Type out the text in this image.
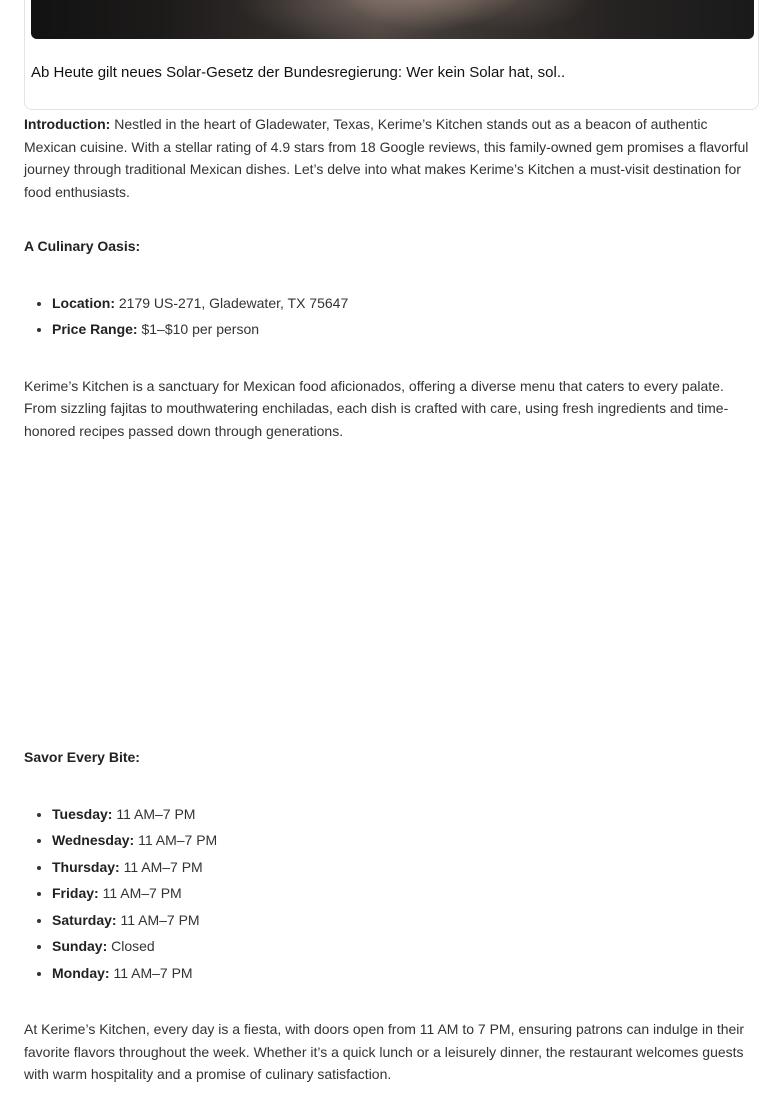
Ab Heute gilt neues Solar-Gesetz der Bundesregierung: Wer kein Solar hat, sol..

Introduction: Nestled in the heart of Gladewater, Texas, Kerime’s Kitchen stands out as a beacon of authentic Mexican cuisine. With a stellar rating of 4.9 stars from 18 Google reviews, this family-owned gem promises a flavorful journey through traditional Mexican dishes. Let’s delve into what makes Kerime’s Kitchen a must-visit destination for food enthusiasts.

A Culinary Oasis:

• Location: 2179 US-271, Gladewater, TX 75647
• Price Range: $1–$10 per person

Kerime’s Kitchen is a sanctuary for Mexican food aficionados, offering a diverse menu that caters to every palate. From sizzling fajitas to mouthwatering enchiladas, each dish is crafted with care, using fresh ingredients and time-honored recipes passed down through generations.

Savor Every Bite:

• Tuesday: 11 AM–7 PM
• Wednesday: 11 AM–7 PM
• Thursday: 11 AM–7 PM
• Friday: 11 AM–7 PM
• Saturday: 11 AM–7 PM
• Sunday: Closed
• Monday: 11 AM–7 PM

At Kerime’s Kitchen, every day is a fiesta, with doors open from 11 AM to 7 PM, ensuring patrons can indulge in their favorite flavors throughout the week. Whether it’s a quick lunch or a leisurely dinner, the restaurant welcomes guests with warm hospitality and a promise of culinary satisfaction.
